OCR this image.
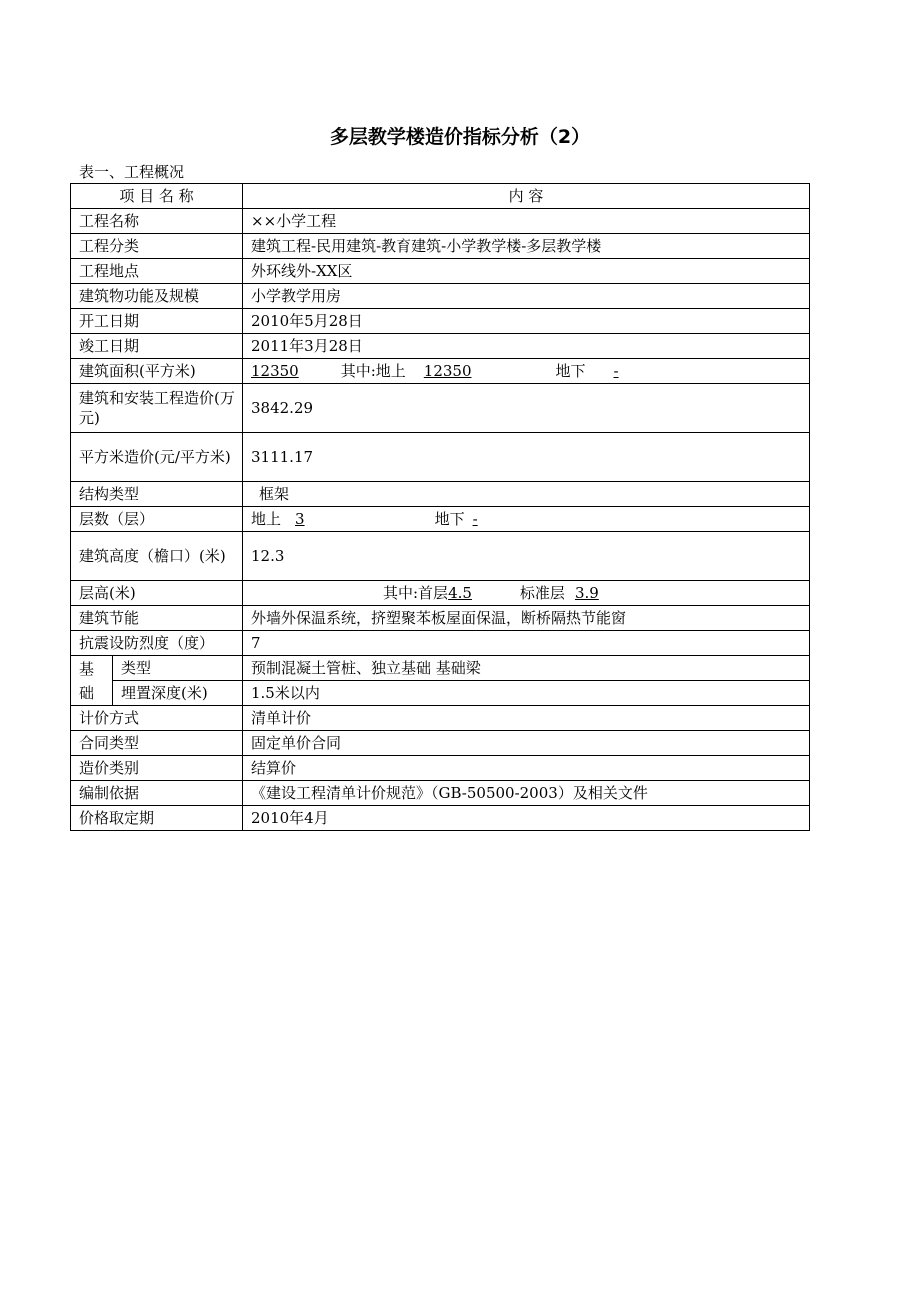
多层教学楼造价指标分析（2）
表一、工程概况
项 目 名 称		内 容
工程名称		××小学工程
工程分类		建筑工程-民用建筑-教育建筑-小学教学楼-多层教学楼
工程地点		外环线外-XX区
建筑物功能及规模		小学教学用房
开工日期		2010年5月28日
竣工日期		2011年3月28日
建筑面积(平方米)		12350 其中:地上 12350 地下 -
建筑和安装工程造价(万元)		3842.29
平方米造价(元/平方米)		3111.17
结构类型		框架
层数（层）		地上 3 地下 -
建筑高度（檐口）(米)		12.3
层高(米)		其中:首层4.5 标准层 3.9
建筑节能		外墙外保温系统，挤塑聚苯板屋面保温，断桥隔热节能窗
抗震设防烈度（度）		7
基
础	类型	预制混凝土管桩、独立基础 基础梁
	埋置深度(米)	1.5米以内
计价方式		清单计价
合同类型		固定单价合同
造价类别		结算价
编制依据		《建设工程清单计价规范》（GB-50500-2003）及相关文件
价格取定期		2010年4月
